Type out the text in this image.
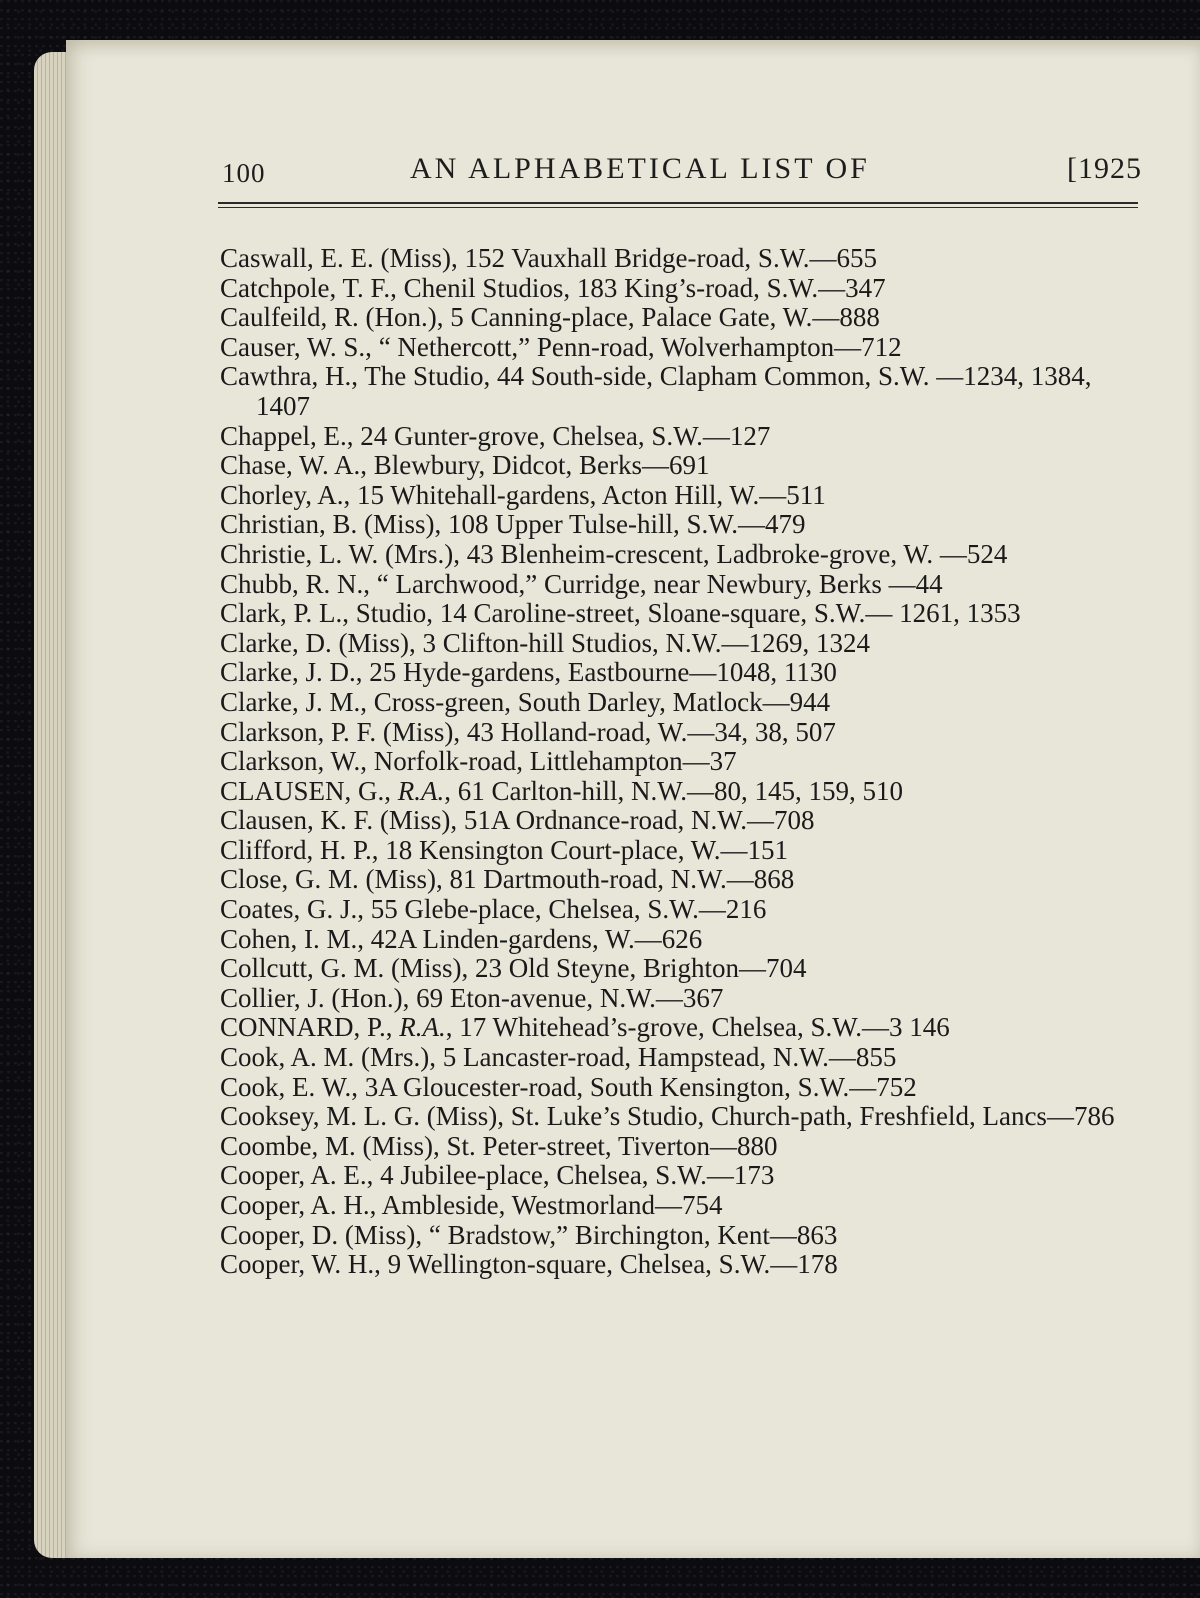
100	AN ALPHABETICAL LIST OF	[1925
Caswall, E. E. (Miss), 152 Vauxhall Bridge-road, S.W.—655
Catchpole, T. F., Chenil Studios, 183 King’s-road, S.W.—347
Caulfeild, R. (Hon.), 5 Canning-place, Palace Gate, W.—888
Causer, W. S., “ Nethercott,” Penn-road, Wolverhampton—712
Cawthra, H., The Studio, 44 South-side, Clapham Common, S.W. —1234, 1384, 1407
Chappel, E., 24 Gunter-grove, Chelsea, S.W.—127
Chase, W. A., Blewbury, Didcot, Berks—691
Chorley, A., 15 Whitehall-gardens, Acton Hill, W.—511
Christian, B. (Miss), 108 Upper Tulse-hill, S.W.—479
Christie, L. W. (Mrs.), 43 Blenheim-crescent, Ladbroke-grove, W. —524
Chubb, R. N., “ Larchwood,” Curridge, near Newbury, Berks —44
Clark, P. L., Studio, 14 Caroline-street, Sloane-square, S.W.— 1261, 1353
Clarke, D. (Miss), 3 Clifton-hill Studios, N.W.—1269, 1324
Clarke, J. D., 25 Hyde-gardens, Eastbourne—1048, 1130
Clarke, J. M., Cross-green, South Darley, Matlock—944
Clarkson, P. F. (Miss), 43 Holland-road, W.—34, 38, 507
Clarkson, W., Norfolk-road, Littlehampton—37
CLAUSEN, G., R.A., 61 Carlton-hill, N.W.—80, 145, 159, 510
Clausen, K. F. (Miss), 51A Ordnance-road, N.W.—708
Clifford, H. P., 18 Kensington Court-place, W.—151
Close, G. M. (Miss), 81 Dartmouth-road, N.W.—868
Coates, G. J., 55 Glebe-place, Chelsea, S.W.—216
Cohen, I. M., 42A Linden-gardens, W.—626
Collcutt, G. M. (Miss), 23 Old Steyne, Brighton—704
Collier, J. (Hon.), 69 Eton-avenue, N.W.—367
CONNARD, P., R.A., 17 Whitehead’s-grove, Chelsea, S.W.—3 146
Cook, A. M. (Mrs.), 5 Lancaster-road, Hampstead, N.W.—855
Cook, E. W., 3A Gloucester-road, South Kensington, S.W.—752
Cooksey, M. L. G. (Miss), St. Luke’s Studio, Church-path, Freshfield, Lancs—786
Coombe, M. (Miss), St. Peter-street, Tiverton—880
Cooper, A. E., 4 Jubilee-place, Chelsea, S.W.—173
Cooper, A. H., Ambleside, Westmorland—754
Cooper, D. (Miss), “ Bradstow,” Birchington, Kent—863
Cooper, W. H., 9 Wellington-square, Chelsea, S.W.—178
